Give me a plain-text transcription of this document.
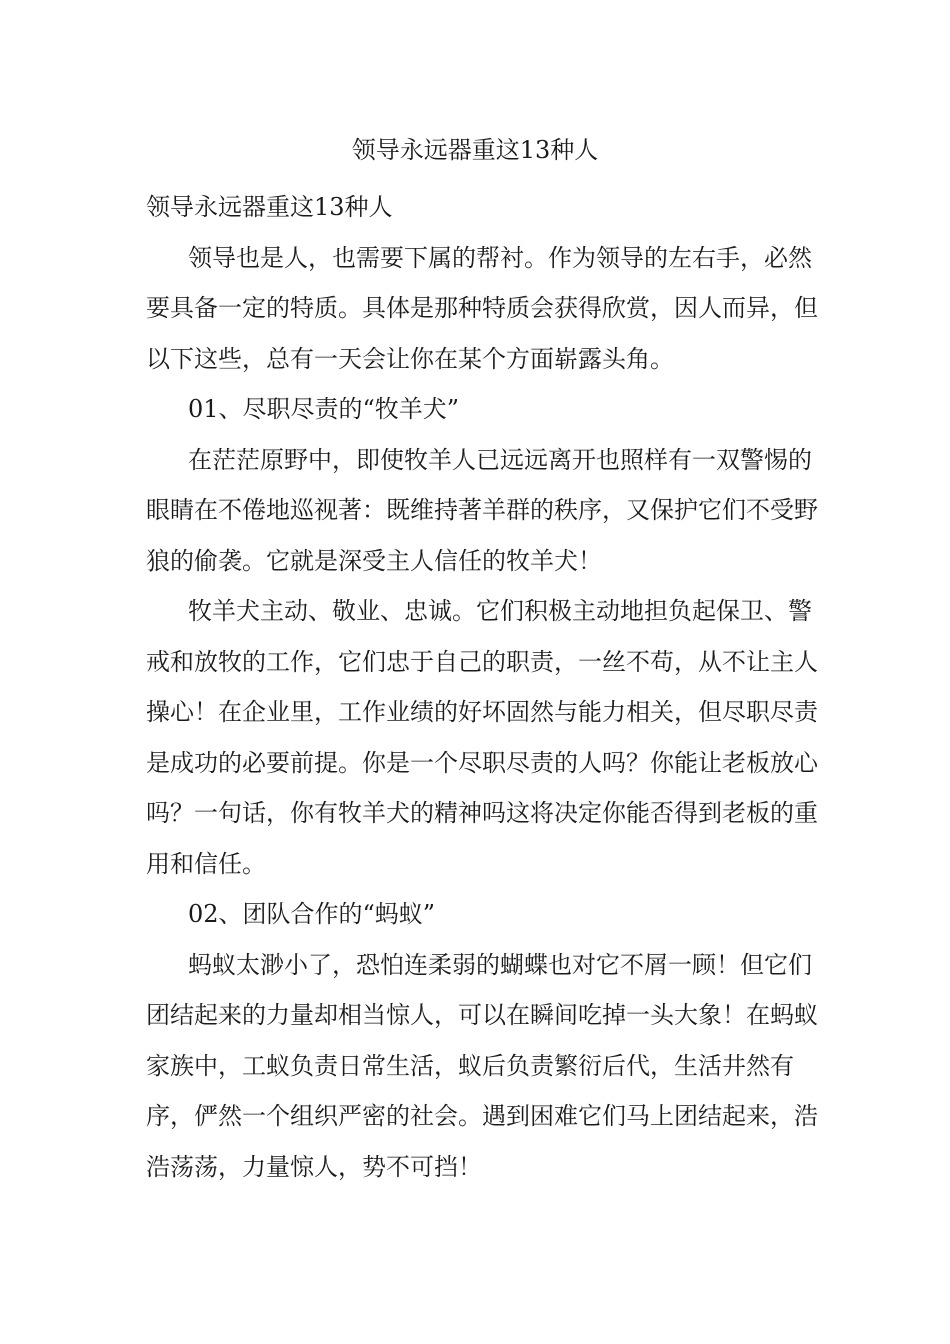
领导永远器重这13种人

领导永远器重这13种人

领导也是人，也需要下属的帮衬。作为领导的左右手，必然要具备一定的特质。具体是那种特质会获得欣赏，因人而异，但以下这些，总有一天会让你在某个方面崭露头角。

01、尽职尽责的“牧羊犬”

在茫茫原野中，即使牧羊人已远远离开也照样有一双警惕的眼睛在不倦地巡视著：既维持著羊群的秩序，又保护它们不受野狼的偷袭。它就是深受主人信任的牧羊犬！

牧羊犬主动、敬业、忠诚。它们积极主动地担负起保卫、警戒和放牧的工作，它们忠于自己的职责，一丝不苟，从不让主人操心！在企业里，工作业绩的好坏固然与能力相关，但尽职尽责是成功的必要前提。你是一个尽职尽责的人吗？你能让老板放心吗？一句话，你有牧羊犬的精神吗这将决定你能否得到老板的重用和信任。

02、团队合作的“蚂蚁”

蚂蚁太渺小了，恐怕连柔弱的蝴蝶也对它不屑一顾！但它们团结起来的力量却相当惊人，可以在瞬间吃掉一头大象！在蚂蚁家族中，工蚁负责日常生活，蚁后负责繁衍后代，生活井然有序，俨然一个组织严密的社会。遇到困难它们马上团结起来，浩浩荡荡，力量惊人，势不可挡！
